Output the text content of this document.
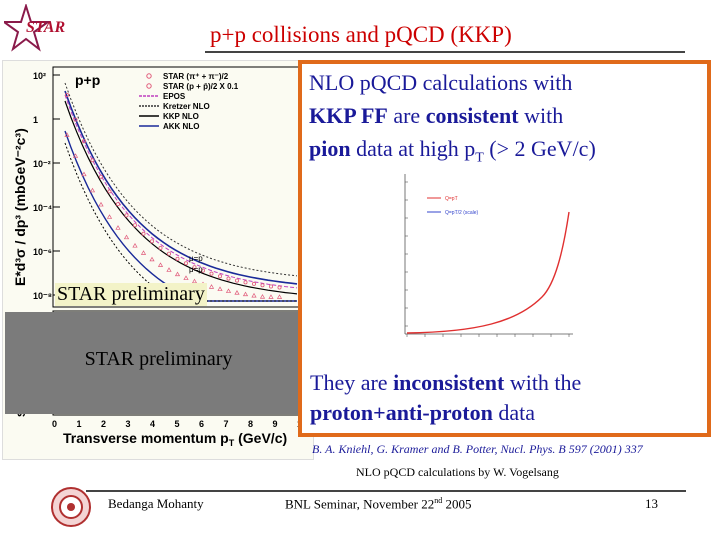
STAR	p+p collisions and pQCD (KKP)
E*d³σ / dp³ (mbGeV⁻²c³)
10²
1
10⁻²
10⁻⁴
10⁻⁶
10⁻⁸
0 1 2 3 4 5 6 7 8 9
Transverse momentum $p_T$ (GeV/c)
p+p	STAR (π⁺ + π⁻)/2
STAR (p + p̄)/2 X 0.1
EPOS
Kretzer NLO
KKP NLO
AKK NLO
μ=p
μ=p
STAR preliminary
STAR preliminary
NLO pQCD calculations with
KKP FF are consistent with
pion data at high $p_T$ (> 2 GeV/c)
Q=pT
Q=pT/2 (scale)
They are inconsistent with the
proton+anti-proton data
B. A. Kniehl, G. Kramer and B. Potter, Nucl. Phys. B 597 (2001) 337
NLO pQCD calculations by W. Vogelsang
Bedanga Mohanty	BNL Seminar, November 22nd 2005	13
